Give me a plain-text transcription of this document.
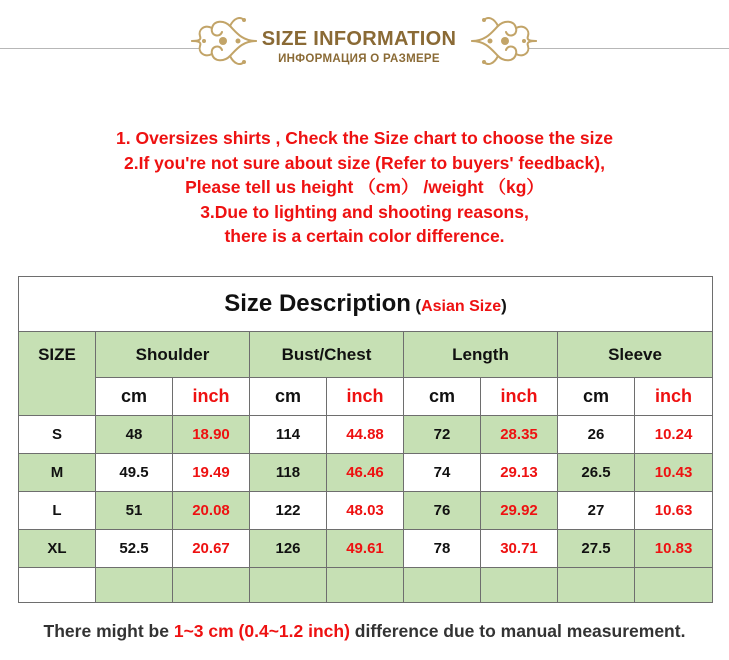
SIZE INFORMATION
ИНФОРМАЦИЯ О РАЗМЕРЕ
1. Oversizes shirts , Check the Size chart to choose the size
2.If you're not sure about size (Refer to buyers' feedback),
Please tell us height （cm） /weight （kg）
3.Due to lighting and shooting reasons,
there is a certain color difference.
Size Description (Asian Size)								
SIZE	Shoulder		Bust/Chest		Length		Sleeve	
	cm	inch	cm	inch	cm	inch	cm	inch
S	48	18.90	114	44.88	72	28.35	26	10.24
M	49.5	19.49	118	46.46	74	29.13	26.5	10.43
L	51	20.08	122	48.03	76	29.92	27	10.63
XL	52.5	20.67	126	49.61	78	30.71	27.5	10.83

There might be 1~3 cm (0.4~1.2 inch) difference due to manual measurement.
